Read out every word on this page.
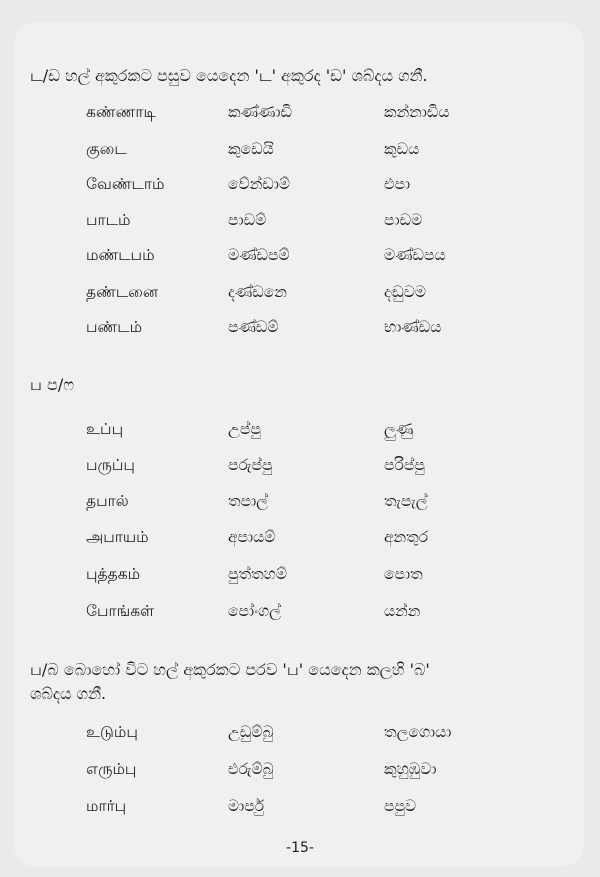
ட/ඩ හල් අකුරකට පසුව යෙදෙන 'ட' අකුරද 'ඩ' ශබ්දය ගනී.
கண்ணாடி	කණ්ණාඩි	කන්නාඩිය
குடை	කුඩෙයි	කුඩය
வேண்டாம்	වේන්ඩාම්	එපා
பாடம்	පාඩම්	පාඩම
மண்டபம்	මණ්ඩපම්	මණ්ඩපය
தண்டனை	දණ්ඩනෙ	දඬුවම
பண்டம்	පණ්ඩම්	භාණ්ඩය
ப ප/ෆ
உப்பு	උප්පු	ලුණු
பருப்பு	පරුප්පු	පරිප්පු
தபால்	තපාල්	තැපැල්
அபாயம்	අපායම්	අනතුර
புத்தகம்	පුත්තහම්	පොත
போங்கள்	පෝංගල්	යන්න
ப/බ බොහෝ විට හල් අකුරකට පරව 'ப' යෙදෙන කලහි 'බ'
ශබ්දය ගනී.
உடும்பு	උඩුම්බු	තලගොයා
எரும்பு	එරුම්බු	කුහුඹුවා
மார்பு	මාර්පු	පපුව
-15-
